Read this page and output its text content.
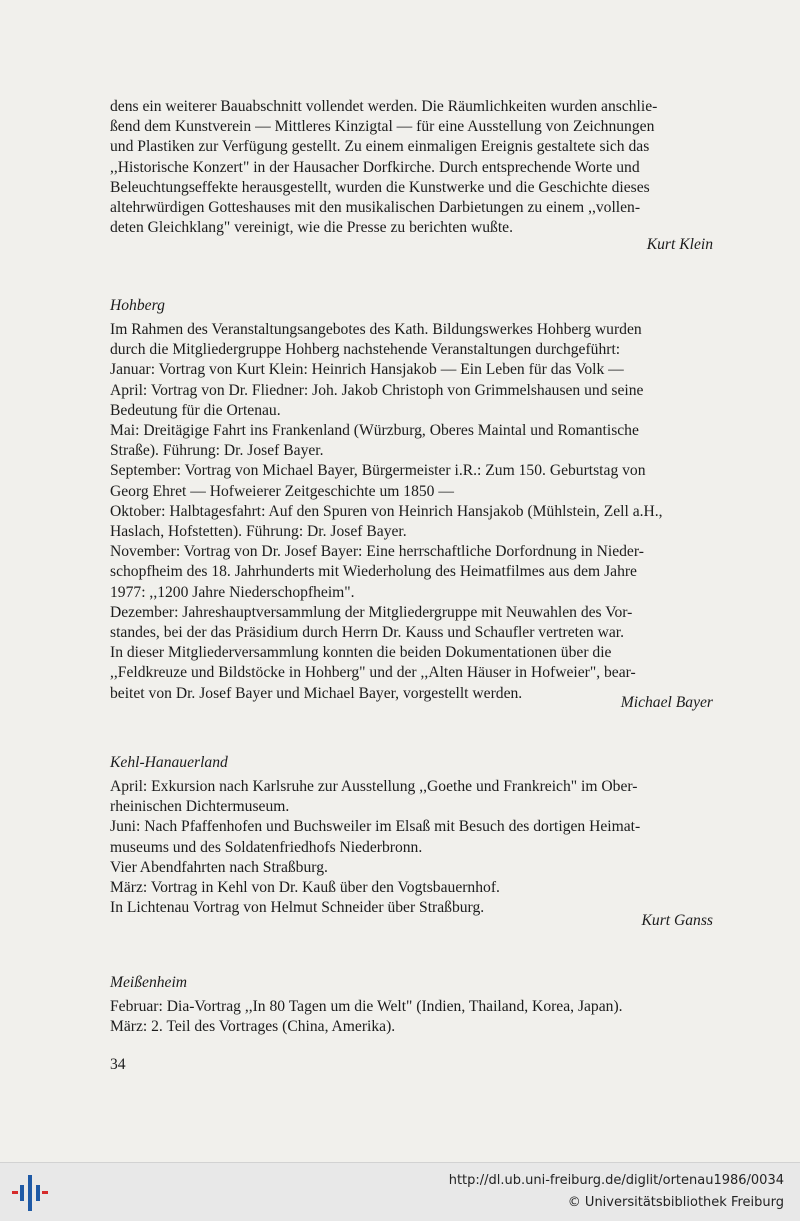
dens ein weiterer Bauabschnitt vollendet werden. Die Räumlichkeiten wurden anschlie-
ßend dem Kunstverein — Mittleres Kinzigtal — für eine Ausstellung von Zeichnungen
und Plastiken zur Verfügung gestellt. Zu einem einmaligen Ereignis gestaltete sich das
,,Historische Konzert" in der Hausacher Dorfkirche. Durch entsprechende Worte und
Beleuchtungseffekte herausgestellt, wurden die Kunstwerke und die Geschichte dieses
altehrwürdigen Gotteshauses mit den musikalischen Darbietungen zu einem ,,vollen-
deten Gleichklang" vereinigt, wie die Presse zu berichten wußte.
Kurt Klein
Hohberg
Im Rahmen des Veranstaltungsangebotes des Kath. Bildungswerkes Hohberg wurden
durch die Mitgliedergruppe Hohberg nachstehende Veranstaltungen durchgeführt:
Januar: Vortrag von Kurt Klein: Heinrich Hansjakob — Ein Leben für das Volk —
April: Vortrag von Dr. Fliedner: Joh. Jakob Christoph von Grimmelshausen und seine
Bedeutung für die Ortenau.
Mai: Dreitägige Fahrt ins Frankenland (Würzburg, Oberes Maintal und Romantische
Straße). Führung: Dr. Josef Bayer.
September: Vortrag von Michael Bayer, Bürgermeister i.R.: Zum 150. Geburtstag von
Georg Ehret — Hofweierer Zeitgeschichte um 1850 —
Oktober: Halbtagesfahrt: Auf den Spuren von Heinrich Hansjakob (Mühlstein, Zell a.H.,
Haslach, Hofstetten). Führung: Dr. Josef Bayer.
November: Vortrag von Dr. Josef Bayer: Eine herrschaftliche Dorfordnung in Nieder-
schopfheim des 18. Jahrhunderts mit Wiederholung des Heimatfilmes aus dem Jahre
1977: ,,1200 Jahre Niederschopfheim".
Dezember: Jahreshauptversammlung der Mitgliedergruppe mit Neuwahlen des Vor-
standes, bei der das Präsidium durch Herrn Dr. Kauss und Schaufler vertreten war.
In dieser Mitgliederversammlung konnten die beiden Dokumentationen über die
,,Feldkreuze und Bildstöcke in Hohberg" und der ,,Alten Häuser in Hofweier", bear-
beitet von Dr. Josef Bayer und Michael Bayer, vorgestellt werden.
Michael Bayer
Kehl-Hanauerland
April: Exkursion nach Karlsruhe zur Ausstellung ,,Goethe und Frankreich" im Ober-
rheinischen Dichtermuseum.
Juni: Nach Pfaffenhofen und Buchsweiler im Elsaß mit Besuch des dortigen Heimat-
museums und des Soldatenfriedhofs Niederbronn.
Vier Abendfahrten nach Straßburg.
März: Vortrag in Kehl von Dr. Kauß über den Vogtsbauernhof.
In Lichtenau Vortrag von Helmut Schneider über Straßburg.
Kurt Ganss
Meißenheim
Februar: Dia-Vortrag ,,In 80 Tagen um die Welt" (Indien, Thailand, Korea, Japan).
März: 2. Teil des Vortrages (China, Amerika).
34
http://dl.ub.uni-freiburg.de/diglit/ortenau1986/0034
© Universitätsbibliothek Freiburg
